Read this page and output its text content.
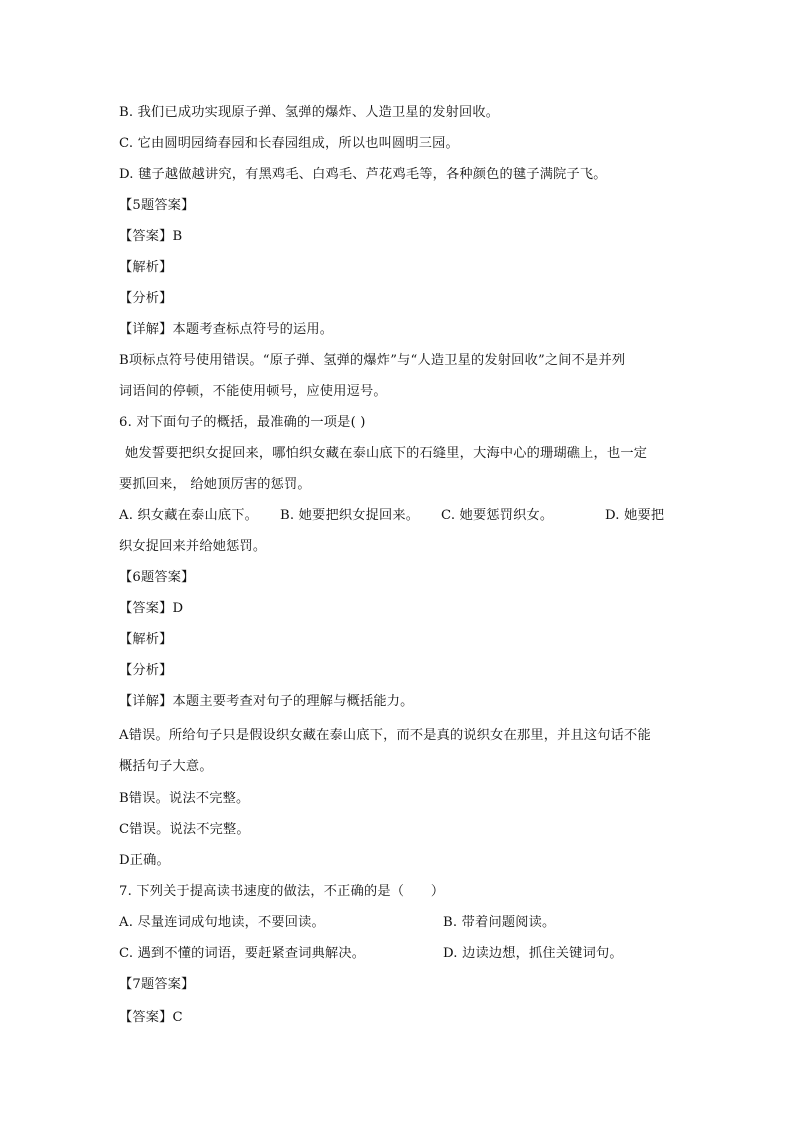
B. 我们已成功实现原子弹、氢弹的爆炸、人造卫星的发射回收。
C. 它由圆明园绮春园和长春园组成，所以也叫圆明三园。
D. 毽子越做越讲究，有黑鸡毛、白鸡毛、芦花鸡毛等，各种颜色的毽子满院子飞。
【5题答案】
【答案】B
【解析】
【分析】
【详解】本题考查标点符号的运用。
B项标点符号使用错误。“原子弹、氢弹的爆炸”与“人造卫星的发射回收”之间不是并列
词语间的停顿，不能使用顿号，应使用逗号。
6. 对下面句子的概括，最准确的一项是( )
她发誓要把织女捉回来，哪怕织女藏在泰山底下的石缝里，大海中心的珊瑚礁上，也一定
要抓回来， 给她顶厉害的惩罚。
A. 织女藏在泰山底下。 B. 她要把织女捉回来。 C. 她要惩罚织女。	D. 她要把
织女捉回来并给她惩罚。
【6题答案】
【答案】D
【解析】
【分析】
【详解】本题主要考查对句子的理解与概括能力。
A错误。所给句子只是假设织女藏在泰山底下，而不是真的说织女在那里，并且这句话不能
概括句子大意。
B错误。说法不完整。
C错误。说法不完整。
D正确。
7. 下列关于提高读书速度的做法，不正确的是（　　）
A. 尽量连词成句地读，不要回读。	B. 带着问题阅读。
C. 遇到不懂的词语，要赶紧查词典解决。	D. 边读边想，抓住关键词句。
【7题答案】
【答案】C
